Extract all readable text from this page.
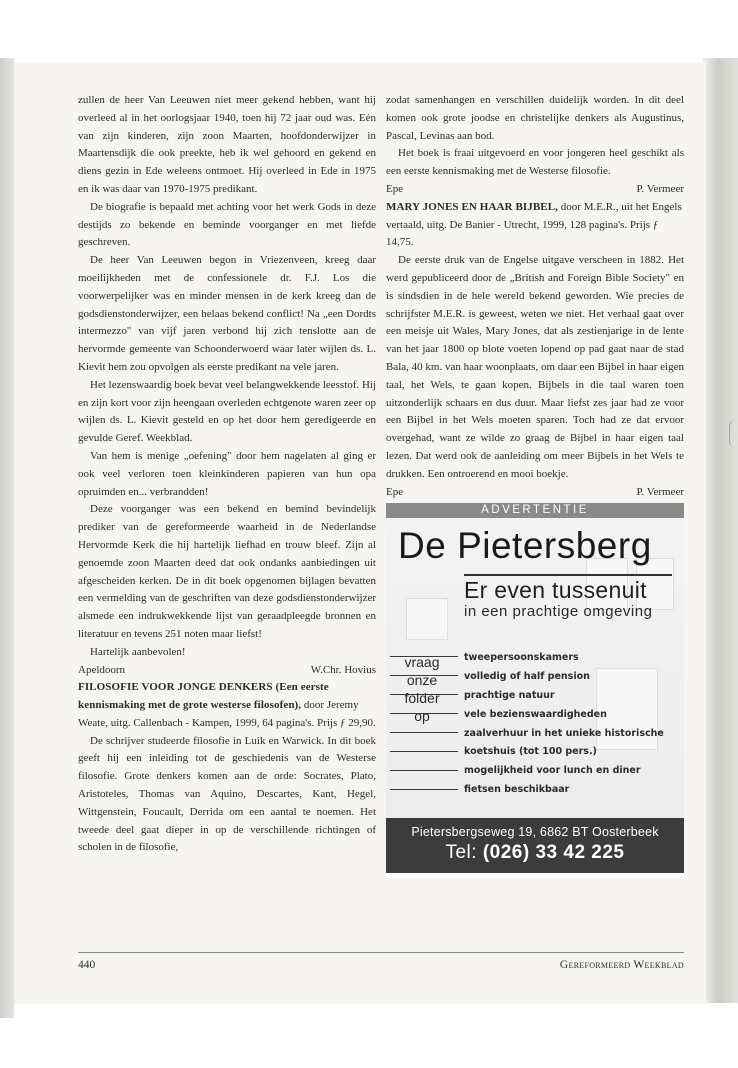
zullen de heer Van Leeuwen niet meer gekend hebben, want hij overleed al in het oorlogsjaar 1940, toen hij 72 jaar oud was. Eén van zijn kinderen, zijn zoon Maarten, hoofdonderwijzer in Maartensdijk die ook preekte, heb ik wel gehoord en gekend en diens gezin in Ede weleens ontmoet. Hij overleed in Ede in 1975 en ik was daar van 1970-1975 predikant.

De biografie is bepaald met achting voor het werk Gods in deze destijds zo bekende en beminde voorganger en met liefde geschreven.

De heer Van Leeuwen begon in Vriezenveen, kreeg daar moeilijkheden met de confessionele dr. F.J. Los die voorwerpelijker was en minder mensen in de kerk kreeg dan de godsdienstonderwijzer, een helaas bekend conflict! Na „een Dordts intermezzo" van vijf jaren verbond hij zich tenslotte aan de hervormde gemeente van Schoonderwoerd waar later wijlen ds. L. Kievit hem zou opvolgen als eerste predikant na vele jaren.

Het lezenswaardig boek bevat veel belangwekkende leesstof. Hij en zijn kort voor zijn heengaan overleden echtgenote waren zeer op wijlen ds. L. Kievit gesteld en op het door hem geredigeerde en gevulde Geref. Weekblad.

Van hem is menige „oefening" door hem nagelaten al ging er ook veel verloren toen kleinkinderen papieren van hun opa opruimden en... verbrandden!

Deze voorganger was een bekend en bemind bevindelijk prediker van de gereformeerde waarheid in de Nederlandse Hervormde Kerk die hij hartelijk liefhad en trouw bleef. Zijn al genoemde zoon Maarten deed dat ook ondanks aanbiedingen uit afgescheiden kerken. De in dit boek opgenomen bijlagen bevatten een vermelding van de geschriften van deze godsdienstonderwijzer alsmede een indrukwekkende lijst van geraadpleegde bronnen en literatuur en tevens 251 noten maar liefst!

Hartelijk aanbevolen!

Apeldoorn	W.Chr. Hovius

FILOSOFIE VOOR JONGE DENKERS (Een eerste kennismaking met de grote westerse filosofen), door Jeremy Weate, uitg. Callenbach - Kampen, 1999, 64 pagina's. Prijs ƒ 29,90.

De schrijver studeerde filosofie in Luik en Warwick. In dit boek geeft hij een inleiding tot de geschiedenis van de Westerse filosofie. Grote denkers komen aan de orde: Socrates, Plato, Aristoteles, Thomas van Aquino, Descartes, Kant, Hegel, Wittgenstein, Foucault, Derrida om een aantal te noemen. Het tweede deel gaat dieper in op de verschillende richtingen of scholen in de filosofie,

zodat samenhangen en verschillen duidelijk worden. In dit deel komen ook grote joodse en christelijke denkers als Augustinus, Pascal, Levinas aan bod.

Het boek is fraai uitgevoerd en voor jongeren heel geschikt als een eerste kennismaking met de Westerse filosofie.

Epe	P. Vermeer

MARY JONES EN HAAR BIJBEL, door M.E.R., uit het Engels vertaald, uitg. De Banier - Utrecht, 1999, 128 pagina's. Prijs ƒ 14,75.

De eerste druk van de Engelse uitgave verscheen in 1882. Het werd gepubliceerd door de „British and Foreign Bible Society" en is sindsdien in de hele wereld bekend geworden. Wie precies de schrijfster M.E.R. is geweest, weten we niet. Het verhaal gaat over een meisje uit Wales, Mary Jones, dat als zestienjarige in de lente van het jaar 1800 op blote voeten lopend op pad gaat naar de stad Bala, 40 km. van haar woonplaats, om daar een Bijbel in haar eigen taal, het Wels, te gaan kopen. Bijbels in die taal waren toen uitzonderlijk schaars en dus duur. Maar liefst zes jaar had ze voor een Bijbel in het Wels moeten sparen. Toch had ze dat ervoor overgehad, want ze wilde zo graag de Bijbel in haar eigen taal lezen. Dat werd ook de aanleiding om meer Bijbels in het Wels te drukken. Een ontroerend en mooi boekje.

Epe	P. Vermeer
ADVERTENTIE
De Pietersberg
Er even tussenuit
in een prachtige omgeving
vraag
onze
folder
op
tweepersoonskamers
volledig of half pension
prachtige natuur
vele bezienswaardigheden
zaalverhuur in het unieke historische
koetshuis (tot 100 pers.)
mogelijkheid voor lunch en diner
fietsen beschikbaar
Pietersbergseweg 19, 6862 BT Oosterbeek
Tel: (026) 33 42 225
440	Gereformeerd Weekblad
